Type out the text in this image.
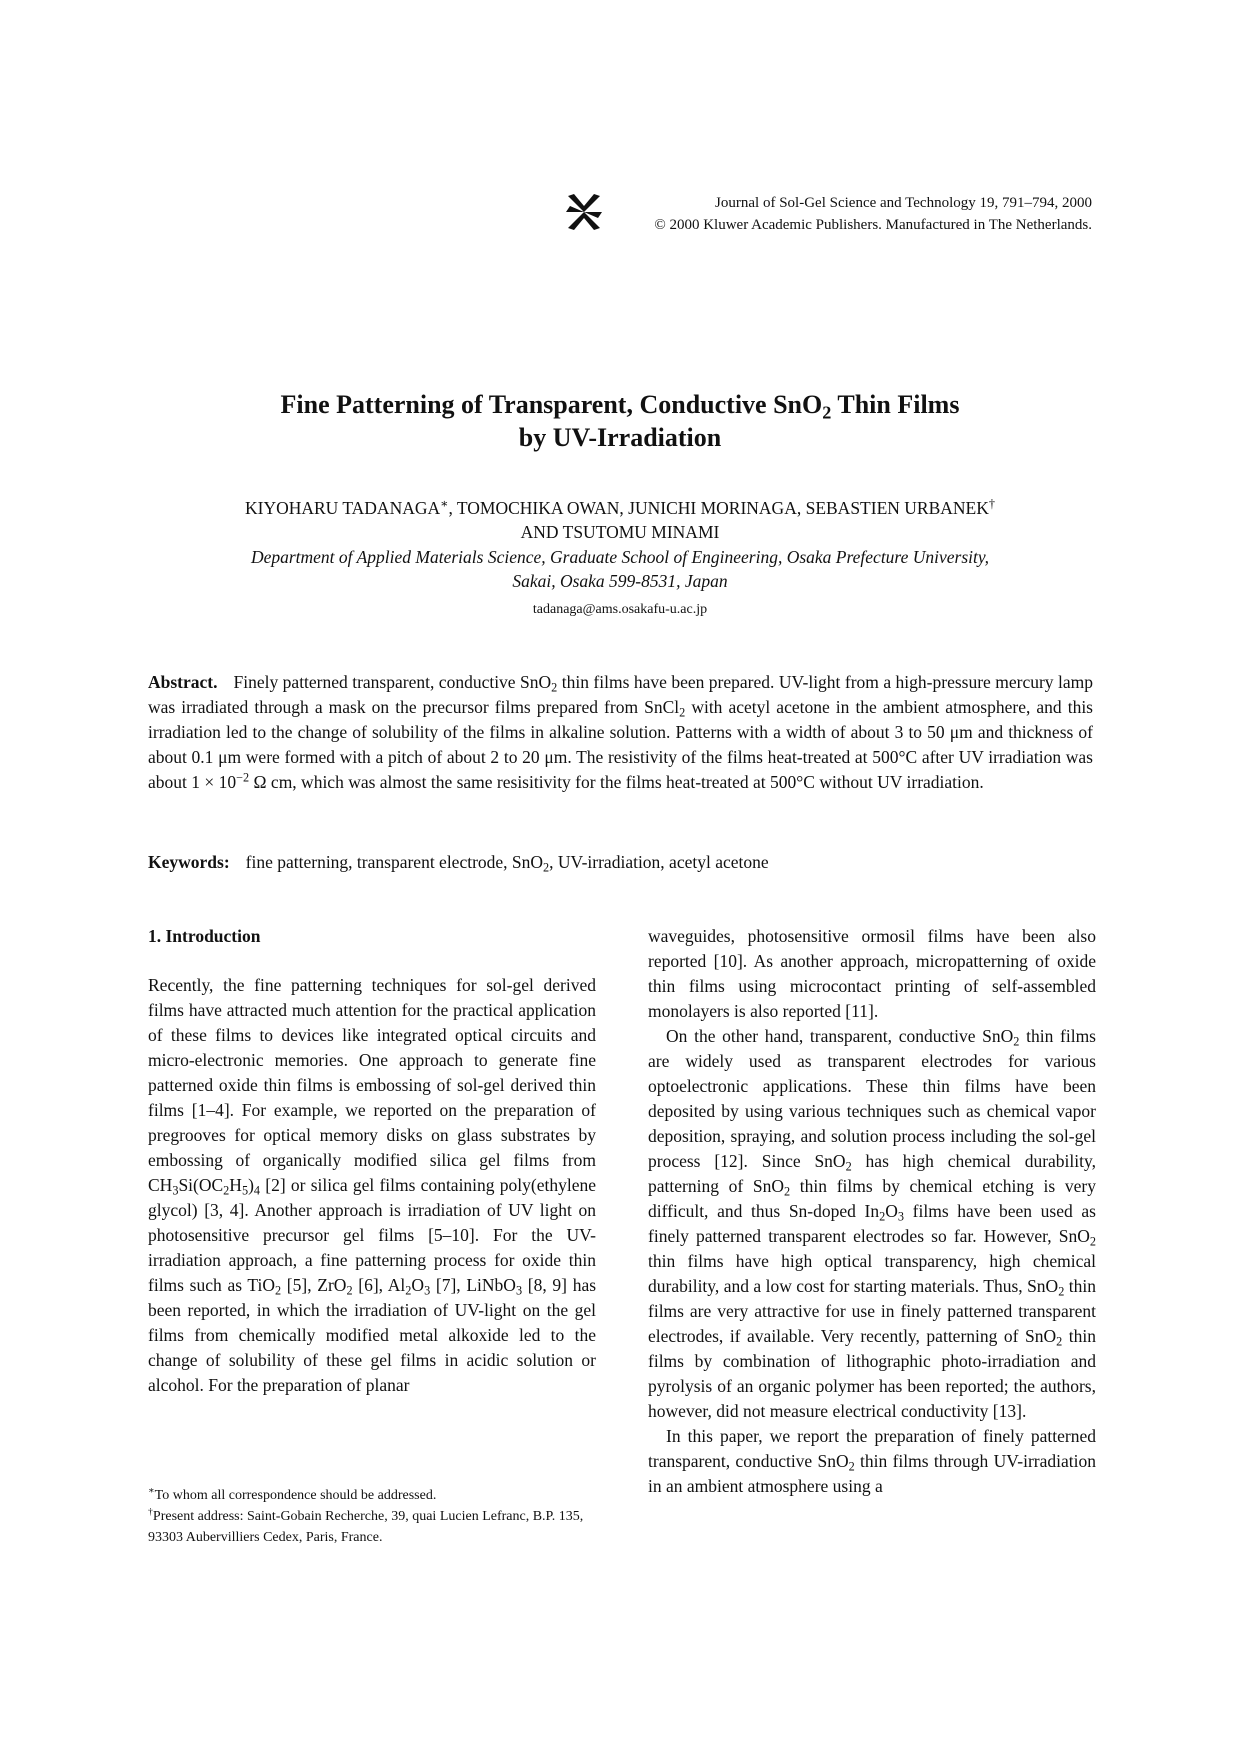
Journal of Sol-Gel Science and Technology 19, 791–794, 2000
© 2000 Kluwer Academic Publishers. Manufactured in The Netherlands.
Fine Patterning of Transparent, Conductive SnO$_2$ Thin Films
by UV-Irradiation
KIYOHARU TADANAGA∗, TOMOCHIKA OWAN, JUNICHI MORINAGA, SEBASTIEN URBANEK†
AND TSUTOMU MINAMI
Department of Applied Materials Science, Graduate School of Engineering, Osaka Prefecture University,
Sakai, Osaka 599-8531, Japan
tadanaga@ams.osakafu-u.ac.jp

Abstract. Finely patterned transparent, conductive SnO$_2$ thin films have been prepared. UV-light from a high-pressure mercury lamp was irradiated through a mask on the precursor films prepared from SnCl$_2$ with acetyl acetone in the ambient atmosphere, and this irradiation led to the change of solubility of the films in alkaline solution. Patterns with a width of about 3 to 50 μm and thickness of about 0.1 μm were formed with a pitch of about 2 to 20 μm. The resistivity of the films heat-treated at 500°C after UV irradiation was about $1 \times 10^{-2}$ Ω cm, which was almost the same resisitivity for the films heat-treated at 500°C without UV irradiation.

Keywords: fine patterning, transparent electrode, SnO$_2$, UV-irradiation, acetyl acetone

1. Introduction

Recently, the fine patterning techniques for sol-gel derived films have attracted much attention for the practical application of these films to devices like integrated optical circuits and micro-electronic memories. One approach to generate fine patterned oxide thin films is embossing of sol-gel derived thin films [1–4]. For example, we reported on the preparation of pregrooves for optical memory disks on glass substrates by embossing of organically modified silica gel films from $CH_3Si(OC_2H_5)_4$ [2] or silica gel films containing poly(ethylene glycol) [3, 4]. Another approach is irradiation of UV light on photosensitive precursor gel films [5–10]. For the UV-irradiation approach, a fine patterning process for oxide thin films such as TiO$_2$ [5], ZrO$_2$ [6], $Al_2O_3$ [7], LiNbO$_3$ [8, 9] has been reported, in which the irradiation of UV-light on the gel films from chemically modified metal alkoxide led to the change of solubility of these gel films in acidic solution or alcohol. For the preparation of planar

waveguides, photosensitive ormosil films have been also reported [10]. As another approach, micropatterning of oxide thin films using microcontact printing of self-assembled monolayers is also reported [11].

On the other hand, transparent, conductive SnO$_2$ thin films are widely used as transparent electrodes for various optoelectronic applications. These thin films have been deposited by using various techniques such as chemical vapor deposition, spraying, and solution process including the sol-gel process [12]. Since SnO$_2$ has high chemical durability, patterning of SnO$_2$ thin films by chemical etching is very difficult, and thus Sn-doped $In_2O_3$ films have been used as finely patterned transparent electrodes so far. However, SnO$_2$ thin films have high optical transparency, high chemical durability, and a low cost for starting materials. Thus, SnO$_2$ thin films are very attractive for use in finely patterned transparent electrodes, if available. Very recently, patterning of SnO$_2$ thin films by combination of lithographic photo-irradiation and pyrolysis of an organic polymer has been reported; the authors, however, did not measure electrical conductivity [13].

In this paper, we report the preparation of finely patterned transparent, conductive SnO$_2$ thin films through UV-irradiation in an ambient atmosphere using a

∗To whom all correspondence should be addressed.

†Present address: Saint-Gobain Recherche, 39, quai Lucien Lefranc, B.P. 135, 93303 Aubervilliers Cedex, Paris, France.
